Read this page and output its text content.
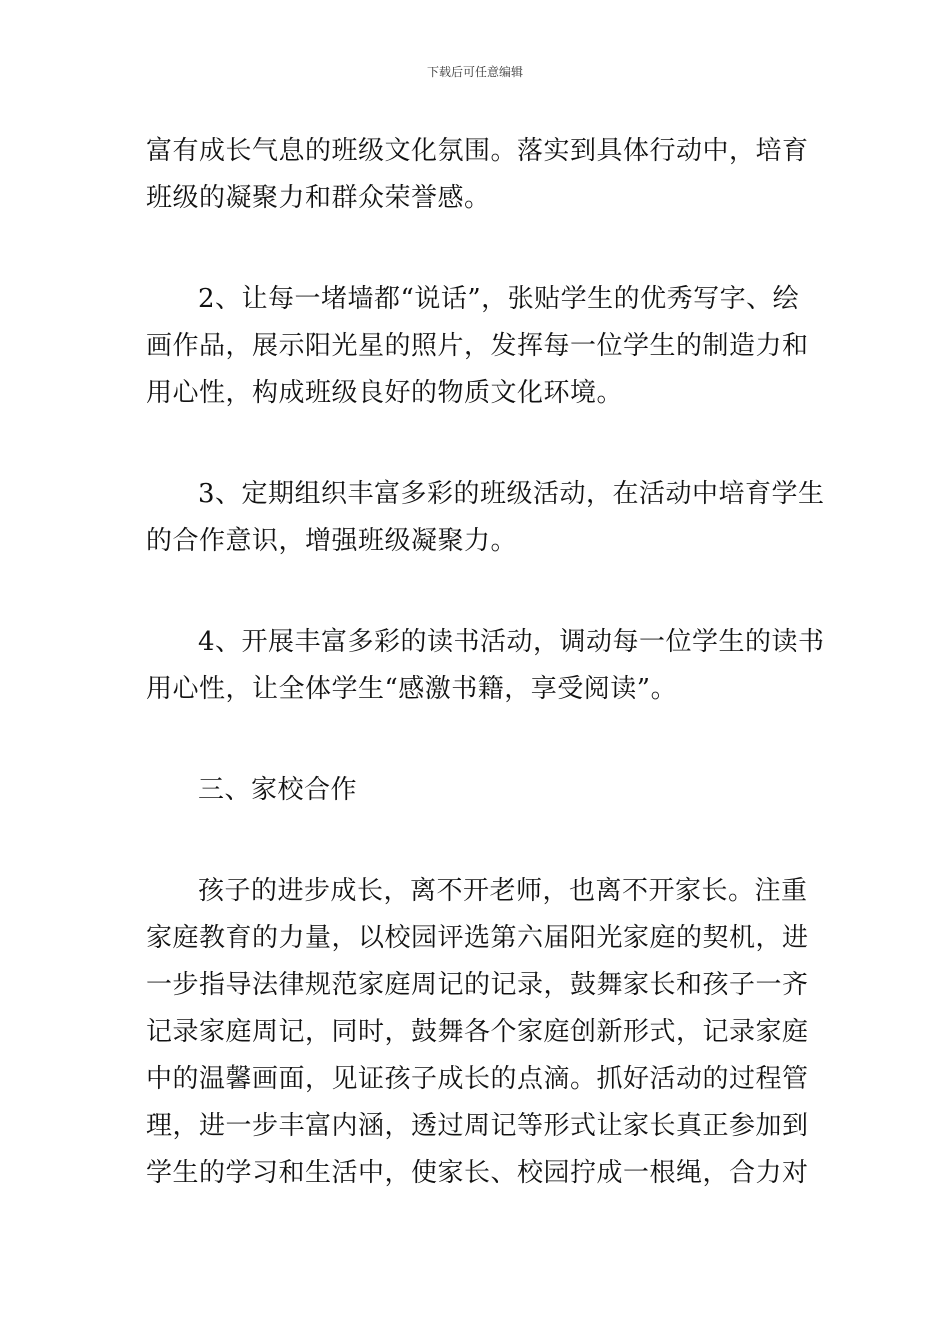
下载后可任意编辑

富有成长气息的班级文化氛围。落实到具体行动中，培育
班级的凝聚力和群众荣誉感。

2、让每一堵墙都“说话”，张贴学生的优秀写字、绘
画作品，展示阳光星的照片，发挥每一位学生的制造力和
用心性，构成班级良好的物质文化环境。

3、定期组织丰富多彩的班级活动，在活动中培育学生
的合作意识，增强班级凝聚力。

4、开展丰富多彩的读书活动，调动每一位学生的读书
用心性，让全体学生“感激书籍，享受阅读”。

三、家校合作

孩子的进步成长，离不开老师，也离不开家长。注重
家庭教育的力量，以校园评选第六届阳光家庭的契机，进
一步指导法律规范家庭周记的记录，鼓舞家长和孩子一齐
记录家庭周记，同时，鼓舞各个家庭创新形式，记录家庭
中的温馨画面，见证孩子成长的点滴。抓好活动的过程管
理，进一步丰富内涵，透过周记等形式让家长真正参加到
学生的学习和生活中，使家长、校园拧成一根绳，合力对
